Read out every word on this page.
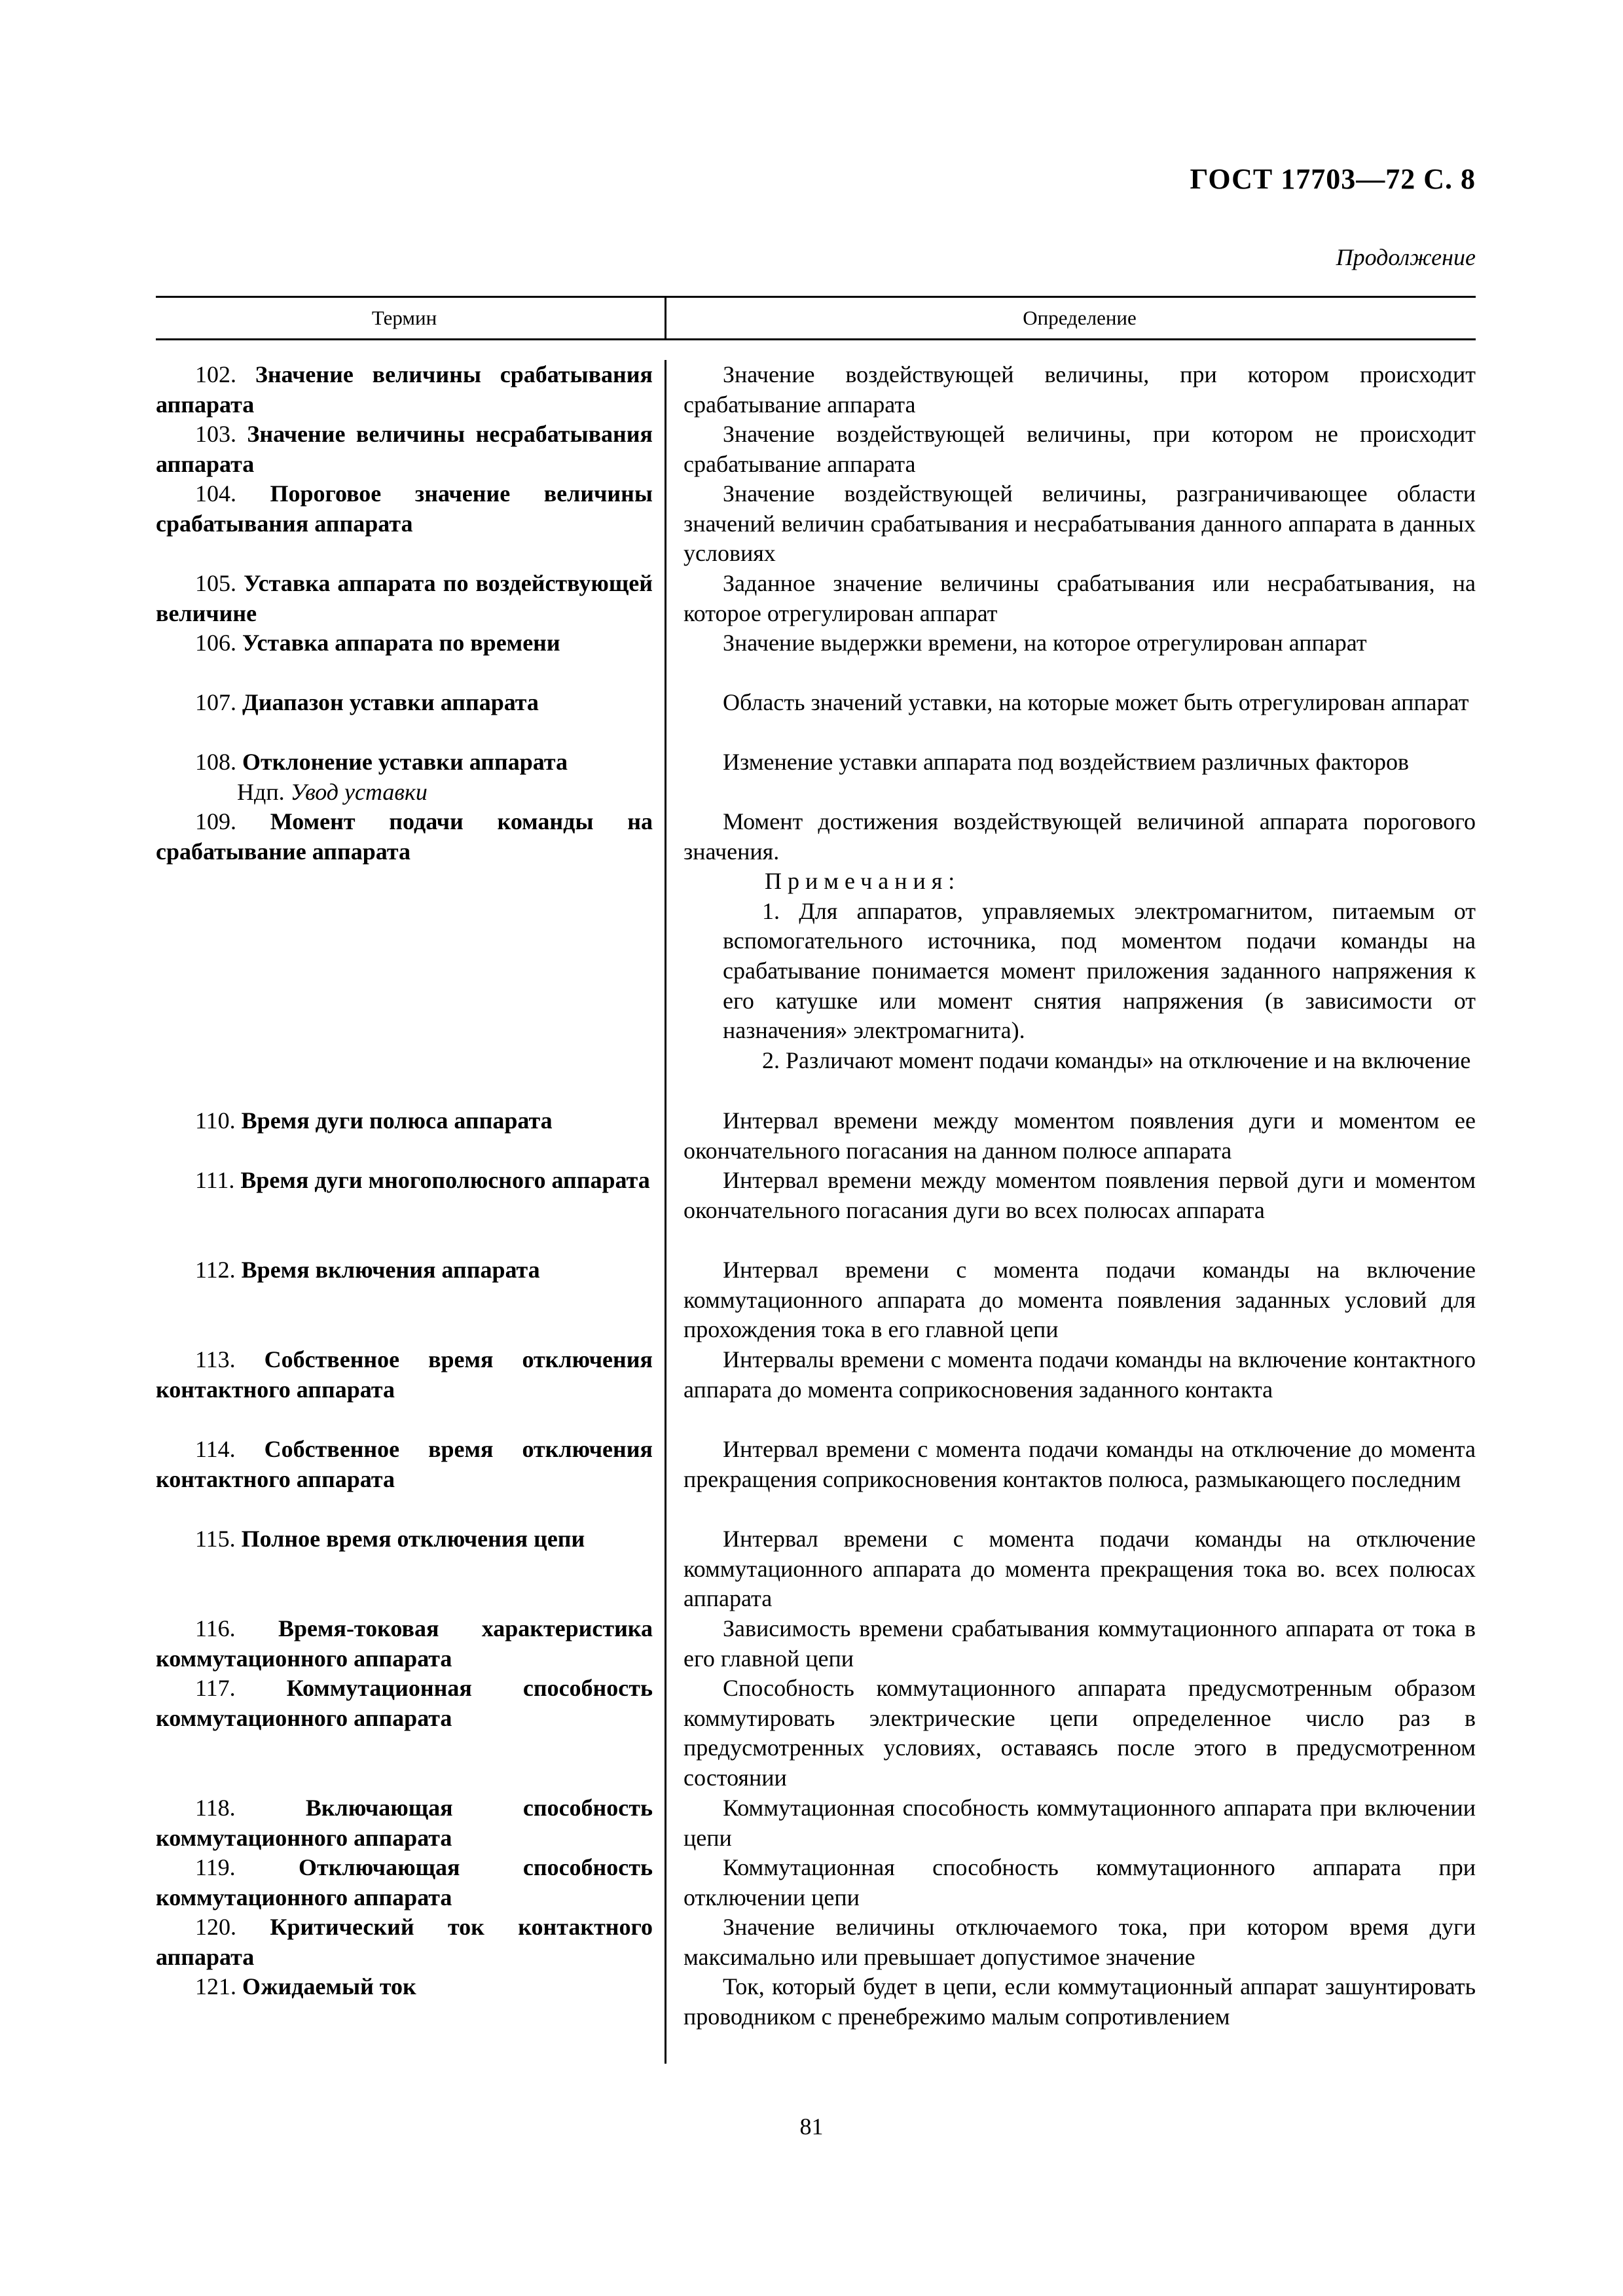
ГОСТ 17703—72 С. 8
Продолжение
Термин	Определение
102. Значение величины срабатывания аппарата
Значение воздействующей величины, при котором происходит срабатывание аппарата
103. Значение величины несрабатывания аппарата
Значение воздействующей величины, при котором не происходит срабатывание аппарата
104. Пороговое значение величины срабатывания аппарата
Значение воздействующей величины, разграничивающее области значений величин срабатывания и несрабатывания данного аппарата в данных условиях
105. Уставка аппарата по воздействующей величине
Заданное значение величины срабатывания или несрабатывания, на которое отрегулирован аппарат
106. Уставка аппарата по времени	Значение выдержки времени, на которое отрегулирован аппарат
107. Диапазон уставки аппарата	Область значений уставки, на которые может быть отрегулирован аппарат
108. Отклонение уставки аппарата
Ндп. Увод уставки
Изменение уставки аппарата под воздействием различных факторов
109. Момент подачи команды на срабатывание аппарата
Момент достижения воздействующей величиной аппарата порогового значения.
Примечания:
1. Для аппаратов, управляемых электромагнитом, питаемым от вспомогательного источника, под моментом подачи команды на срабатывание понимается момент приложения заданного напряжения к его катушке или момент снятия напряжения (в зависимости от назначения» электромагнита).
2. Различают момент подачи команды» на отключение и на включение
110. Время дуги полюса аппарата	Интервал времени между моментом появления дуги и моментом ее окончательного погасания на данном полюсе аппарата
111. Время дуги многополюсного аппарата	Интервал времени между моментом появления первой дуги и моментом окончательного погасания дуги во всех полюсах аппарата
112. Время включения аппарата	Интервал времени с момента подачи команды на включение коммутационного аппарата до момента появления заданных условий для прохождения тока в его главной цепи
113. Собственное время отключения контактного аппарата
Интервалы времени с момента подачи команды на включение контактного аппарата до момента соприкосновения заданного контакта
114. Собственное время отключения контактного аппарата
Интервал времени с момента подачи команды на отключение до момента прекращения соприкосновения контактов полюса, размыкающего последним
115. Полное время отключения цепи	Интервал времени с момента подачи команды на отключение коммутационного аппарата до момента прекращения тока во. всех полюсах аппарата
116. Время-токовая характеристика коммутационного аппарата
Зависимость времени срабатывания коммутационного аппарата от тока в его главной цепи
117. Коммутационная способность коммутационного аппарата
Способность коммутационного аппарата предусмотренным образом коммутировать электрические цепи определенное число раз в предусмотренных условиях, оставаясь после этого в предусмотренном состоянии
118.	Включающая способность коммутационного аппарата
Коммутационная способность коммутационного аппарата при включении цепи
119.	Отключающая способность коммутационного аппарата
Коммутационная способность коммутационного аппарата при отключении цепи
120. Критический ток контактного аппарата
Значение величины отключаемого тока, при котором время дуги максимально или превышает допустимое значение
121. Ожидаемый ток	Ток, который будет в цепи, если коммутационный аппарат зашунтировать проводником с пренебрежимо малым сопротивлением
81
